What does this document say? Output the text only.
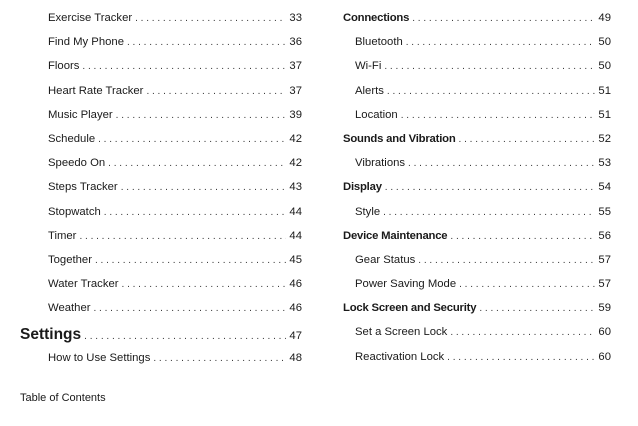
Exercise Tracker . . .	33
Find My Phone . . .	36
Floors . . .	37
Heart Rate Tracker . . .	37
Music Player . . .	39
Schedule . . .	42
Speedo On . . .	42
Steps Tracker . . .	43
Stopwatch . . .	44
Timer . . .	44
Together . . .	45
Water Tracker . . .	46
Weather . . .	46
Settings . . .	47
How to Use Settings . . .	48
Connections . . .	49
Bluetooth . . .	50
Wi-Fi . . .	50
Alerts . . .	51
Location . . .	51
Sounds and Vibration . . .	52
Vibrations . . .	53
Display . . .	54
Style . . .	55
Device Maintenance . . .	56
Gear Status . . .	57
Power Saving Mode . . .	57
Lock Screen and Security . . .	59
Set a Screen Lock . . .	60
Reactivation Lock . . .	60
Table of Contents
